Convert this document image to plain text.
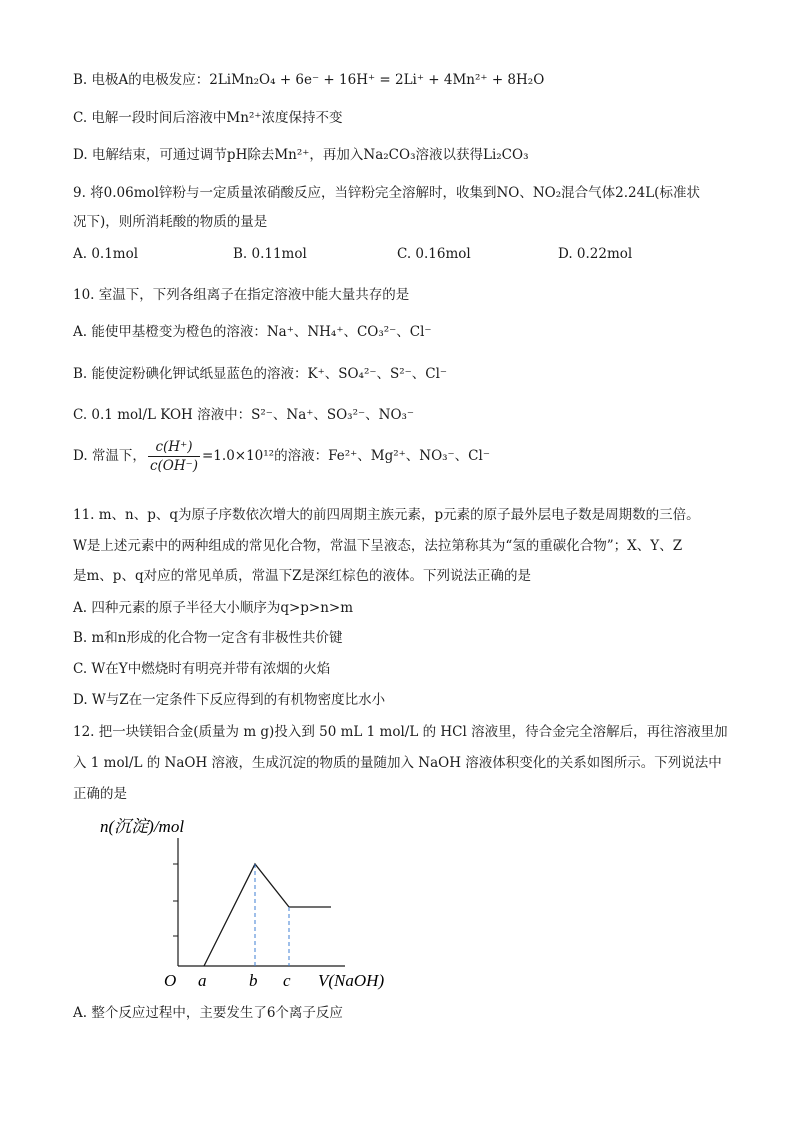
B. 电极A的电极发应：2LiMn₂O₄ + 6e⁻ + 16H⁺ = 2Li⁺ + 4Mn²⁺ + 8H₂O
C. 电解一段时间后溶液中Mn²⁺浓度保持不变
D. 电解结束，可通过调节pH除去Mn²⁺，再加入Na₂CO₃溶液以获得Li₂CO₃
9. 将0.06mol锌粉与一定质量浓硝酸反应，当锌粉完全溶解时，收集到NO、NO₂混合气体2.24L(标准状
况下)，则所消耗酸的物质的量是
A. 0.1mol	B. 0.11mol	C. 0.16mol	D. 0.22mol
10. 室温下，下列各组离子在指定溶液中能大量共存的是
A. 能使甲基橙变为橙色的溶液：Na⁺、NH₄⁺、CO₃²⁻、Cl⁻
B. 能使淀粉碘化钾试纸显蓝色的溶液：K⁺、SO₄²⁻、S²⁻、Cl⁻
C. 0.1 mol/L KOH 溶液中：S²⁻、Na⁺、SO₃²⁻、NO₃⁻
D. 常温下， $\frac{c(H^+)}{c(OH^-)} =1.0\times 10^{12}$的溶液：Fe²⁺、Mg²⁺、NO₃⁻、Cl⁻
11. m、n、p、q为原子序数依次增大的前四周期主族元素，p元素的原子最外层电子数是周期数的三倍。
W是上述元素中的两种组成的常见化合物，常温下呈液态，法拉第称其为“氢的重碳化合物”；X、Y、Z
是m、p、q对应的常见单质，常温下Z是深红棕色的液体。下列说法正确的是
A. 四种元素的原子半径大小顺序为q>p>n>m
B. m和n形成的化合物一定含有非极性共价键
C. W在Y中燃烧时有明亮并带有浓烟的火焰
D. W与Z在一定条件下反应得到的有机物密度比水小
12. 把一块镁铝合金(质量为 m g)投入到 50 mL 1 mol/L 的 HCl 溶液里，待合金完全溶解后，再往溶液里加
入 1 mol/L 的 NaOH 溶液，生成沉淀的物质的量随加入 NaOH 溶液体积变化的关系如图所示。下列说法中
正确的是
n(沉淀)/mol
O a	b c V(NaOH)
A. 整个反应过程中，主要发生了6个离子反应
